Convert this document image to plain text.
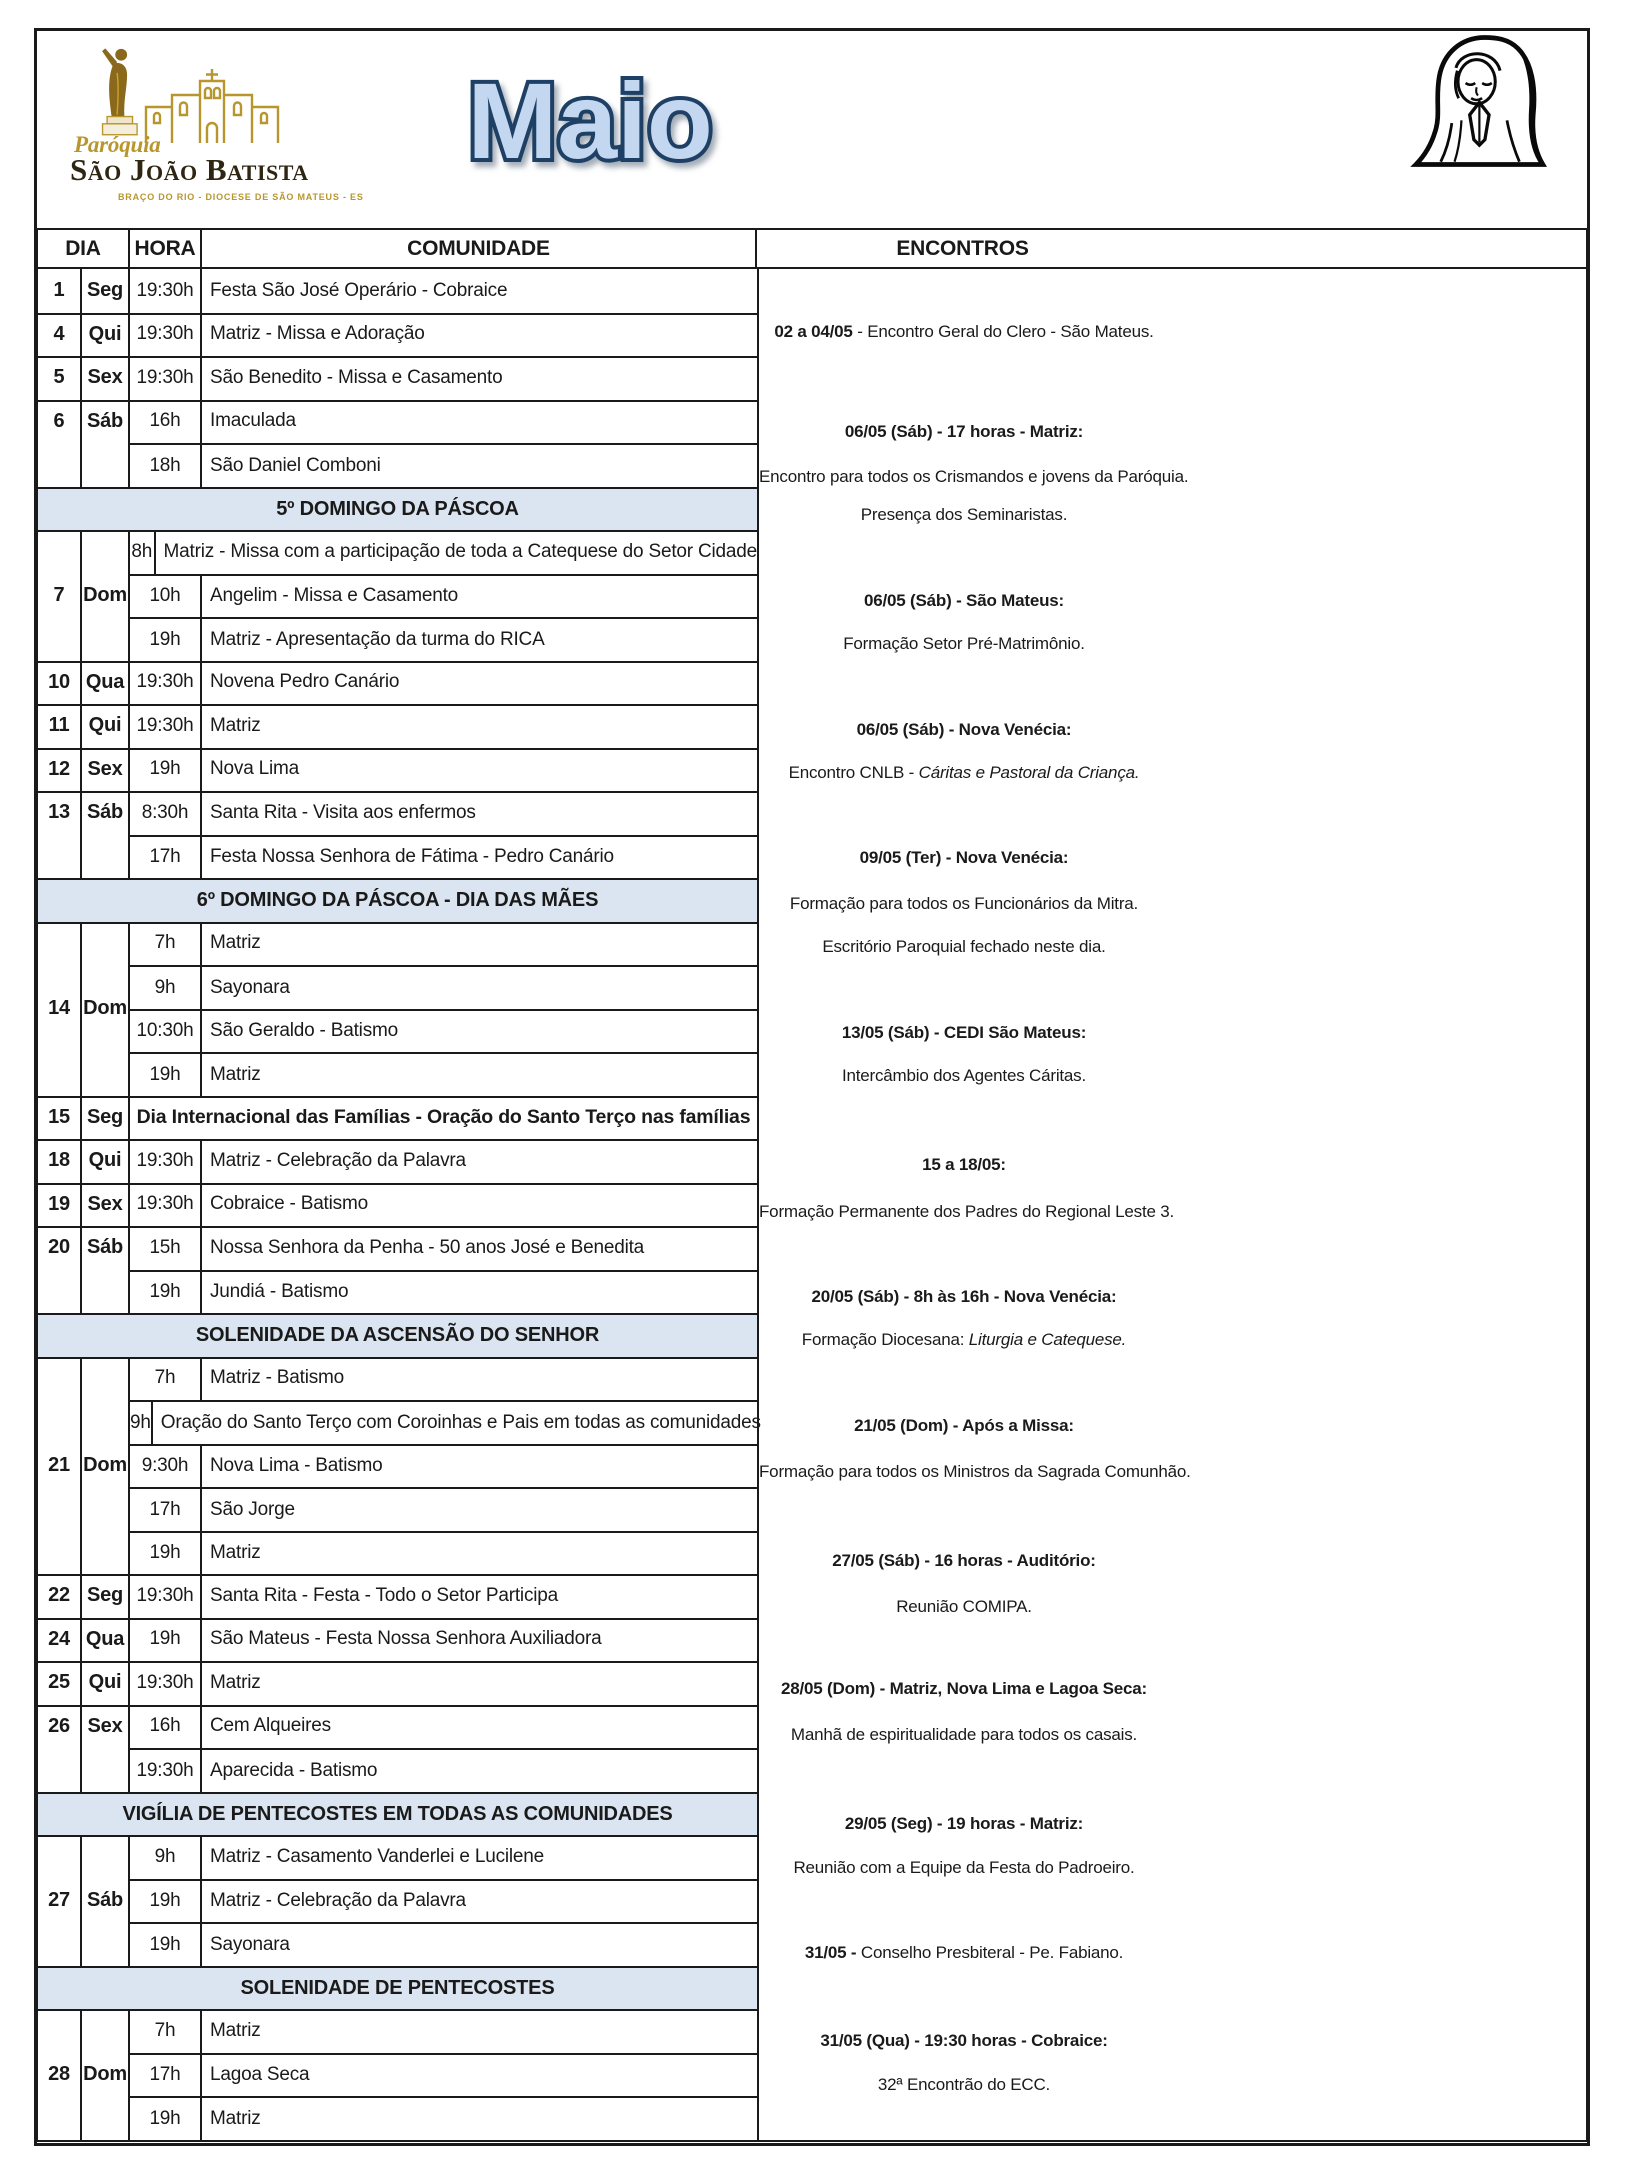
Paróquia
São João Batista
BRAÇO DO RIO - DIOCESE DE SÃO MATEUS - ES
Maio
DIA	HORA	COMUNIDADE	ENCONTROS
1 Seg 19:30h Festa São José Operário - Cobraice
4 Qui 19:30h Matriz - Missa e Adoração
5 Sex 19:30h São Benedito - Missa e Casamento
6 Sáb	16h	Imaculada
18h	São Daniel Comboni
5º DOMINGO DA PÁSCOA
7 Dom
8h Matriz - Missa com a participação de toda a Catequese do Setor Cidade
10h	Angelim - Missa e Casamento
19h	Matriz - Apresentação da turma do RICA
10 Qua 19:30h Novena Pedro Canário
11 Qui 19:30h Matriz
12 Sex	19h	Nova Lima
13 Sáb 8:30h	Santa Rita - Visita aos enfermos
17h	Festa Nossa Senhora de Fátima - Pedro Canário
6º DOMINGO DA PÁSCOA - DIA DAS MÃES
14 Dom
7h	Matriz
9h	Sayonara
10:30h São Geraldo - Batismo
19h	Matriz
15 Seg Dia Internacional das Famílias - Oração do Santo Terço nas famílias
18 Qui 19:30h Matriz - Celebração da Palavra
19 Sex 19:30h Cobraice - Batismo
20 Sáb	15h	Nossa Senhora da Penha - 50 anos José e Benedita
19h	Jundiá - Batismo
SOLENIDADE DA ASCENSÃO DO SENHOR
21 Dom
7h	Matriz - Batismo
9h Oração do Santo Terço com Coroinhas e Pais em todas as comunidades
9:30h	Nova Lima - Batismo
17h	São Jorge
19h	Matriz
22 Seg 19:30h Santa Rita - Festa - Todo o Setor Participa
24 Qua	19h	São Mateus - Festa Nossa Senhora Auxiliadora
25 Qui 19:30h Matriz
26 Sex	16h	Cem Alqueires
19:30h Aparecida - Batismo
VIGÍLIA DE PENTECOSTES EM TODAS AS COMUNIDADES
27 Sáb
9h	Matriz - Casamento Vanderlei e Lucilene
19h	Matriz - Celebração da Palavra
19h	Sayonara
SOLENIDADE DE PENTECOSTES
28 Dom
7h	Matriz
17h	Lagoa Seca
19h	Matriz
02 a 04/05 - Encontro Geral do Clero - São Mateus.
06/05 (Sáb) - 17 horas - Matriz:
Encontro para todos os Crismandos e jovens da Paróquia.
Presença dos Seminaristas.
06/05 (Sáb) - São Mateus:
Formação Setor Pré-Matrimônio.
06/05 (Sáb) - Nova Venécia:
Encontro CNLB - Cáritas e Pastoral da Criança.
09/05 (Ter) - Nova Venécia:
Formação para todos os Funcionários da Mitra.
Escritório Paroquial fechado neste dia.
13/05 (Sáb) - CEDI São Mateus:
Intercâmbio dos Agentes Cáritas.
15 a 18/05:
Formação Permanente dos Padres do Regional Leste 3.
20/05 (Sáb) - 8h às 16h - Nova Venécia:
Formação Diocesana: Liturgia e Catequese.
21/05 (Dom) - Após a Missa:
Formação para todos os Ministros da Sagrada Comunhão.
27/05 (Sáb) - 16 horas - Auditório:
Reunião COMIPA.
28/05 (Dom) - Matriz, Nova Lima e Lagoa Seca:
Manhã de espiritualidade para todos os casais.
29/05 (Seg) - 19 horas - Matriz:
Reunião com a Equipe da Festa do Padroeiro.
31/05 - Conselho Presbiteral - Pe. Fabiano.
31/05 (Qua) - 19:30 horas - Cobraice:
32ª Encontrão do ECC.
